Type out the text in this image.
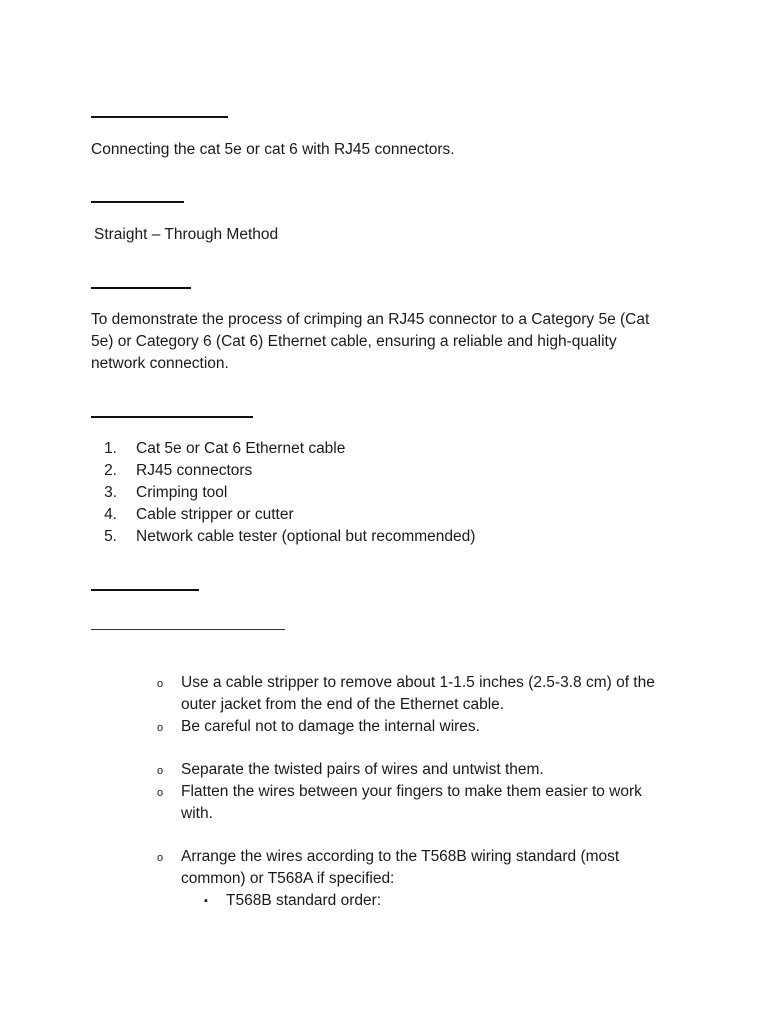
Connecting the cat 5e or cat 6 with RJ45 connectors.
Straight – Through Method
To demonstrate the process of crimping an RJ45 connector to a Category 5e (Cat
5e) or Category 6 (Cat 6) Ethernet cable, ensuring a reliable and high-quality
network connection.
1. Cat 5e or Cat 6 Ethernet cable
2. RJ45 connectors
3. Crimping tool
4. Cable stripper or cutter
5. Network cable tester (optional but recommended)
o Use a cable stripper to remove about 1-1.5 inches (2.5-3.8 cm) of the
outer jacket from the end of the Ethernet cable.
o Be careful not to damage the internal wires.
o Separate the twisted pairs of wires and untwist them.
o Flatten the wires between your fingers to make them easier to work
with.
o Arrange the wires according to the T568B wiring standard (most
common) or T568A if specified:
▪ T568B standard order:
